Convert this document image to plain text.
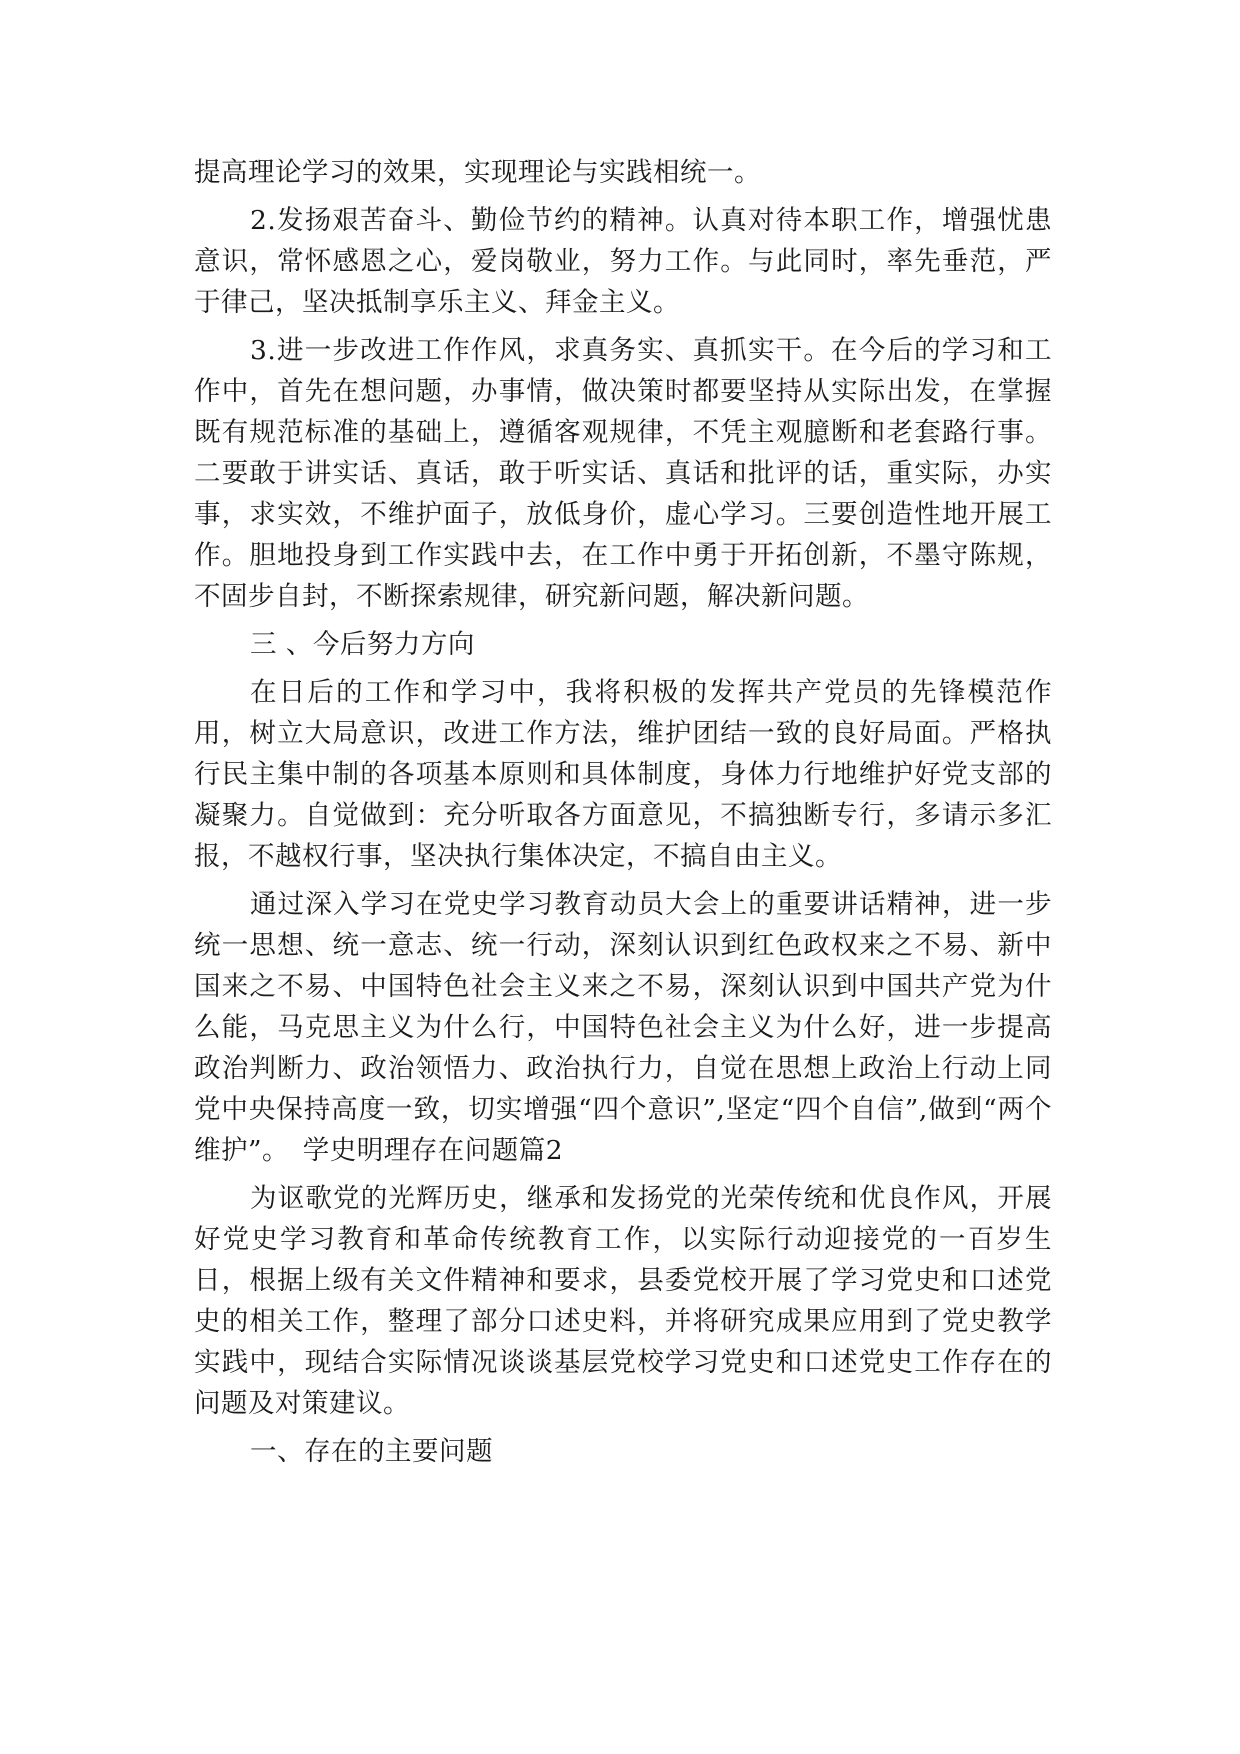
提高理论学习的效果，实现理论与实践相统一。

2.发扬艰苦奋斗、勤俭节约的精神。认真对待本职工作，增强忧患意识，常怀感恩之心，爱岗敬业，努力工作。与此同时，率先垂范，严于律己，坚决抵制享乐主义、拜金主义。

3.进一步改进工作作风，求真务实、真抓实干。在今后的学习和工作中，首先在想问题，办事情，做决策时都要坚持从实际出发，在掌握既有规范标准的基础上，遵循客观规律，不凭主观臆断和老套路行事。二要敢于讲实话、真话，敢于听实话、真话和批评的话，重实际，办实事，求实效，不维护面子，放低身价，虚心学习。三要创造性地开展工作。胆地投身到工作实践中去，在工作中勇于开拓创新，不墨守陈规，不固步自封，不断探索规律，研究新问题，解决新问题。

三 、今后努力方向

在日后的工作和学习中，我将积极的发挥共产党员的先锋模范作用，树立大局意识，改进工作方法，维护团结一致的良好局面。严格执行民主集中制的各项基本原则和具体制度，身体力行地维护好党支部的凝聚力。自觉做到：充分听取各方面意见，不搞独断专行，多请示多汇报，不越权行事，坚决执行集体决定，不搞自由主义。

通过深入学习在党史学习教育动员大会上的重要讲话精神，进一步统一思想、统一意志、统一行动，深刻认识到红色政权来之不易、新中国来之不易、中国特色社会主义来之不易，深刻认识到中国共产党为什么能，马克思主义为什么行，中国特色社会主义为什么好，进一步提高政治判断力、政治领悟力、政治执行力，自觉在思想上政治上行动上同党中央保持高度一致，切实增强“四个意识”,坚定“四个自信”,做到“两个维护”。　学史明理存在问题篇2

为讴歌党的光辉历史，继承和发扬党的光荣传统和优良作风，开展好党史学习教育和革命传统教育工作，以实际行动迎接党的一百岁生日，根据上级有关文件精神和要求，县委党校开展了学习党史和口述党史的相关工作，整理了部分口述史料，并将研究成果应用到了党史教学实践中，现结合实际情况谈谈基层党校学习党史和口述党史工作存在的问题及对策建议。

一、存在的主要问题
